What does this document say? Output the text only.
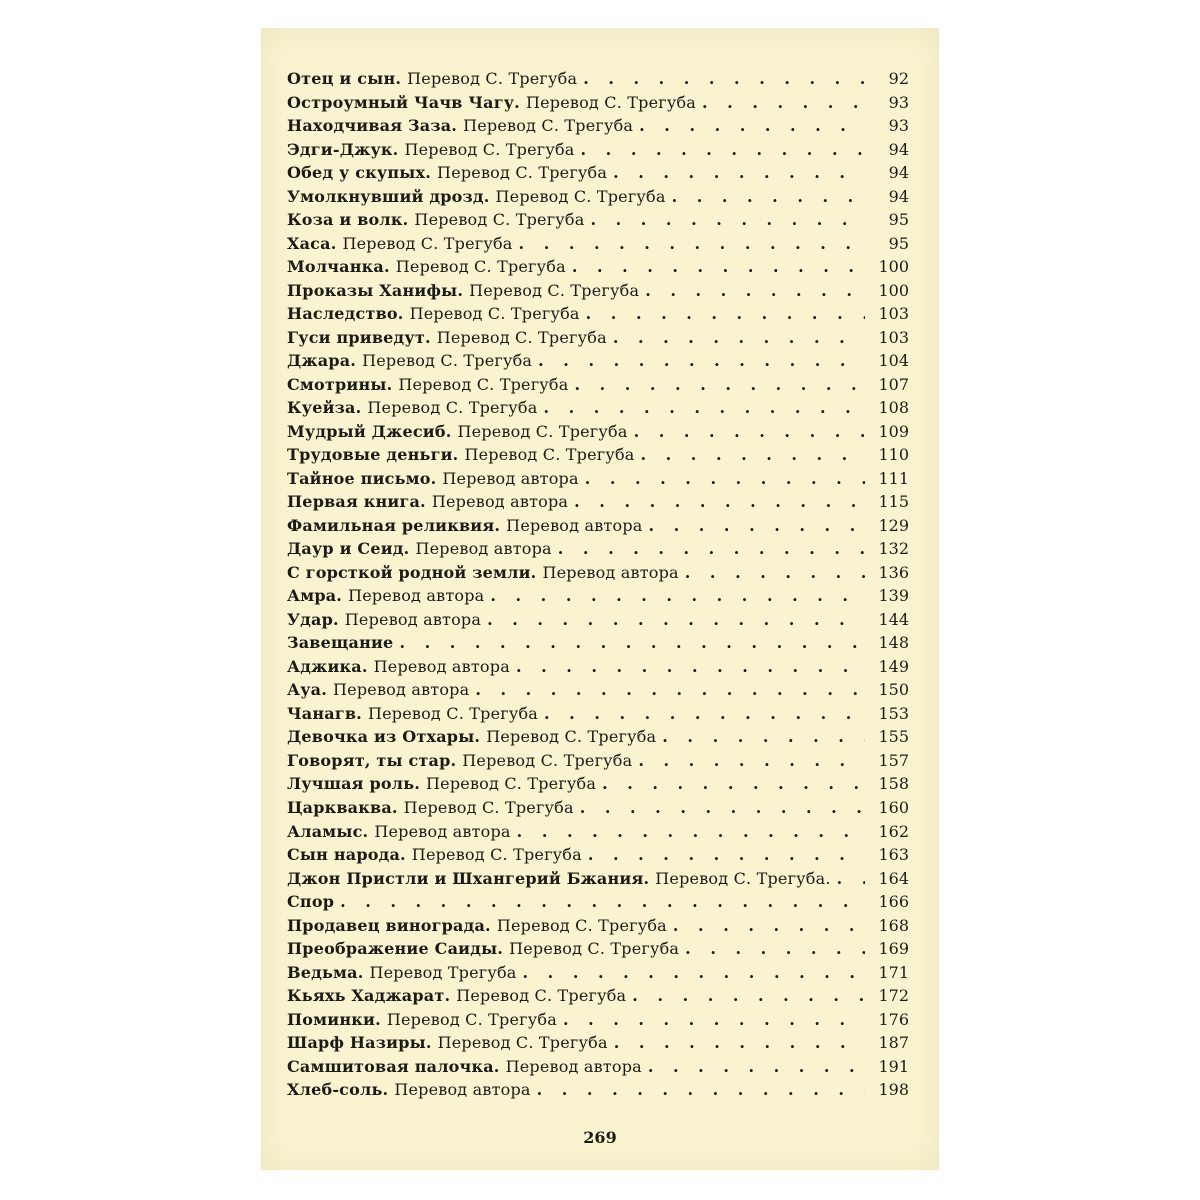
Отец и сын. Перевод С. Трегуба . . .	92
Остроумный Чачв Чагу. Перевод С. Трегуба . . .	93
Находчивая Заза. Перевод С. Трегуба . . .	93
Эдги-Джук. Перевод С. Трегуба . . .	94
Обед у скупых. Перевод С. Трегуба . . .	94
Умолкнувший дрозд. Перевод С. Трегуба . . .	94
Коза и волк. Перевод С. Трегуба . . .	95
Хаса. Перевод С. Трегуба . . .	95
Молчанка. Перевод С. Трегуба . . .	100
Проказы Ханифы. Перевод С. Трегуба . . .	100
Наследство. Перевод С. Трегуба . . .	103
Гуси приведут. Перевод С. Трегуба . . .	103
Джара. Перевод С. Трегуба . . .	104
Смотрины. Перевод С. Трегуба . . .	107
Куейза. Перевод С. Трегуба . . .	108
Мудрый Джесиб. Перевод С. Трегуба . . .	109
Трудовые деньги. Перевод С. Трегуба . . .	110
Тайное письмо. Перевод автора . . .	111
Первая книга. Перевод автора . . .	115
Фамильная реликвия. Перевод автора . . .	129
Даур и Сеид. Перевод автора . . .	132
С горсткой родной земли. Перевод автора . . .	136
Амра. Перевод автора . . .	139
Удар. Перевод автора . . .	144
Завещание . . .	148
Аджика. Перевод автора . . .	149
Ауа. Перевод автора . . .	150
Чанагв. Перевод С. Трегуба . . .	153
Девочка из Отхары. Перевод С. Трегуба . . .	155
Говорят, ты стар. Перевод С. Трегуба . . .	157
Лучшая роль. Перевод С. Трегуба . . .	158
Царкваква. Перевод С. Трегуба . . .	160
Аламыс. Перевод автора . . .	162
Сын народа. Перевод С. Трегуба . . .	163
Джон Пристли и Шхангерий Бжания. Перевод С. Трегуба. . . .	164
Спор . . .	166
Продавец винограда. Перевод С. Трегуба . . .	168
Преображение Саиды. Перевод С. Трегуба . . .	169
Ведьма. Перевод Трегуба . . .	171
Кьяхь Хаджарат. Перевод С. Трегуба . . .	172
Поминки. Перевод С. Трегуба . . .	176
Шарф Назиры. Перевод С. Трегуба . . .	187
Самшитовая палочка. Перевод автора . . .	191
Хлеб-соль. Перевод автора . . .	198
269
